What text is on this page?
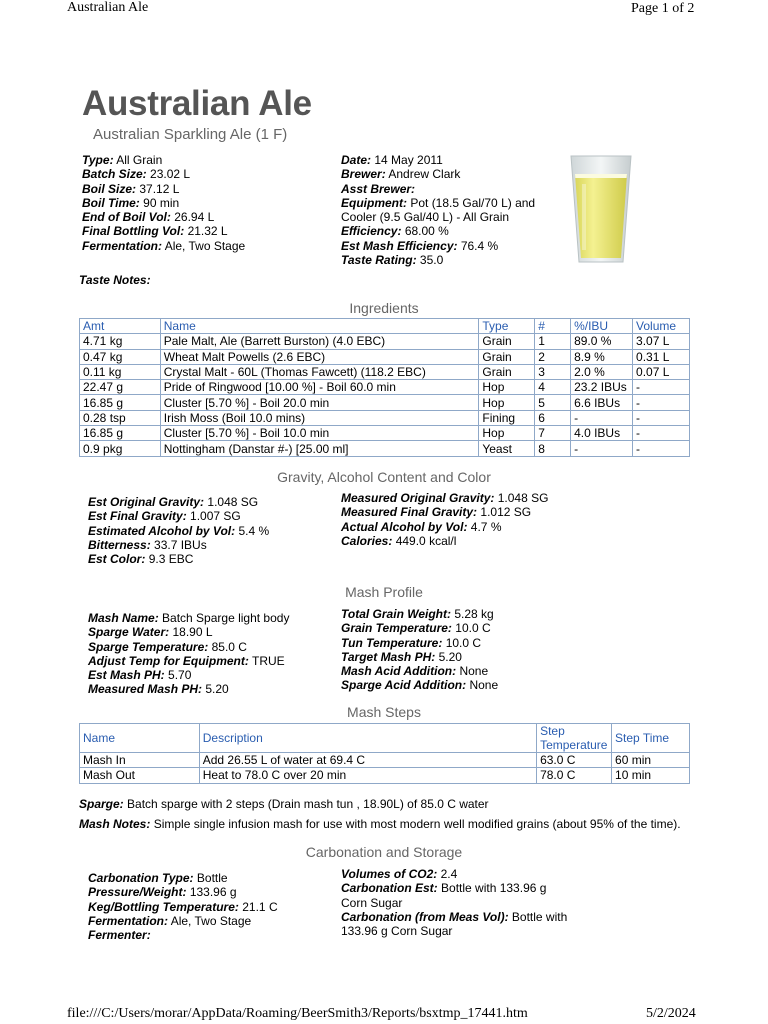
Australian Ale	Page 1 of 2
Australian Ale
Australian Sparkling Ale (1 F)
Type: All Grain
Batch Size: 23.02 L
Boil Size: 37.12 L
Boil Time: 90 min
End of Boil Vol: 26.94 L
Final Bottling Vol: 21.32 L
Fermentation: Ale, Two Stage
Date: 14 May 2011
Brewer: Andrew Clark
Asst Brewer:
Equipment: Pot (18.5 Gal/70 L) and
Cooler (9.5 Gal/40 L) - All Grain
Efficiency: 68.00 %
Est Mash Efficiency: 76.4 %
Taste Rating: 35.0
Taste Notes:
Ingredients
Amt	Name	Type	#	%/IBU	Volume
4.71 kg	Pale Malt, Ale (Barrett Burston) (4.0 EBC)	Grain	1	89.0 %	3.07 L
0.47 kg	Wheat Malt Powells (2.6 EBC)	Grain	2	8.9 %	0.31 L
0.11 kg	Crystal Malt - 60L (Thomas Fawcett) (118.2 EBC)	Grain	3	2.0 %	0.07 L
22.47 g	Pride of Ringwood [10.00 %] - Boil 60.0 min	Hop	4	23.2 IBUs	-
16.85 g	Cluster [5.70 %] - Boil 20.0 min	Hop	5	6.6 IBUs	-
0.28 tsp	Irish Moss (Boil 10.0 mins)	Fining	6	-	-
16.85 g	Cluster [5.70 %] - Boil 10.0 min	Hop	7	4.0 IBUs	-
0.9 pkg	Nottingham (Danstar #-) [25.00 ml]	Yeast	8	-	-
Gravity, Alcohol Content and Color
Est Original Gravity: 1.048 SG
Est Final Gravity: 1.007 SG
Estimated Alcohol by Vol: 5.4 %
Bitterness: 33.7 IBUs
Est Color: 9.3 EBC
Measured Original Gravity: 1.048 SG
Measured Final Gravity: 1.012 SG
Actual Alcohol by Vol: 4.7 %
Calories: 449.0 kcal/l
Mash Profile
Mash Name: Batch Sparge light body
Sparge Water: 18.90 L
Sparge Temperature: 85.0 C
Adjust Temp for Equipment: TRUE
Est Mash PH: 5.70
Measured Mash PH: 5.20
Total Grain Weight: 5.28 kg
Grain Temperature: 10.0 C
Tun Temperature: 10.0 C
Target Mash PH: 5.20
Mash Acid Addition: None
Sparge Acid Addition: None
Mash Steps
Name	Description	Step Temperature	Step Time
Mash In	Add 26.55 L of water at 69.4 C	63.0 C	60 min
Mash Out	Heat to 78.0 C over 20 min	78.0 C	10 min
Sparge: Batch sparge with 2 steps (Drain mash tun , 18.90L) of 85.0 C water
Mash Notes: Simple single infusion mash for use with most modern well modified grains (about 95% of the time).
Carbonation and Storage
Carbonation Type: Bottle
Pressure/Weight: 133.96 g
Keg/Bottling Temperature: 21.1 C
Fermentation: Ale, Two Stage
Fermenter:
Volumes of CO2: 2.4
Carbonation Est: Bottle with 133.96 g
Corn Sugar
Carbonation (from Meas Vol): Bottle with
133.96 g Corn Sugar
file:///C:/Users/morar/AppData/Roaming/BeerSmith3/Reports/bsxtmp_17441.htm	5/2/2024
